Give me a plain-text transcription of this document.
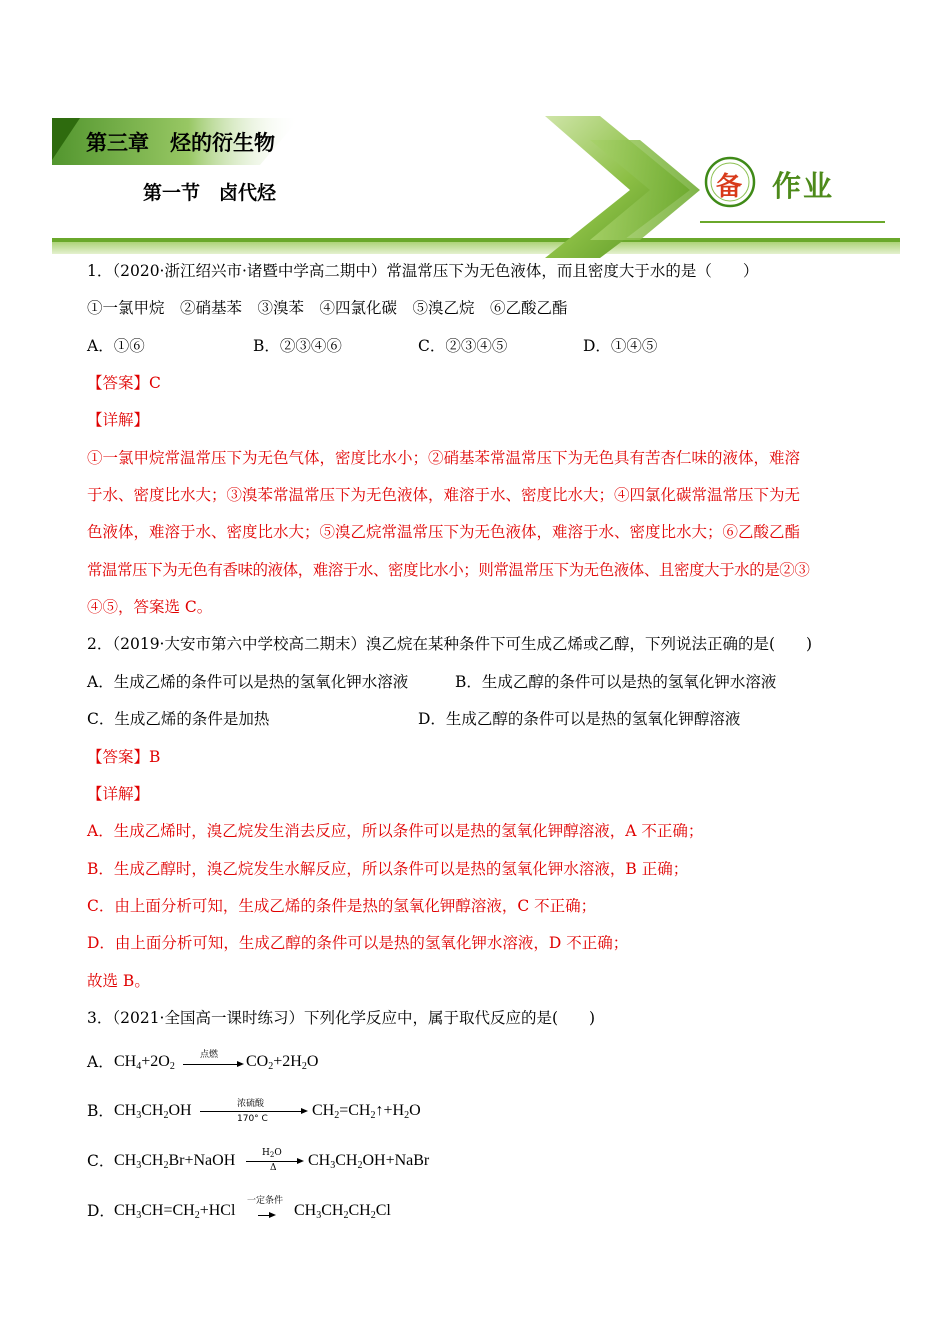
第三章　烃的衍生物
第一节　卤代烃	备 作业
1．（2020·浙江绍兴市·诸暨中学高二期中）常温常压下为无色液体，而且密度大于水的是（　　）
①一氯甲烷　②硝基苯　③溴苯　④四氯化碳　⑤溴乙烷　⑥乙酸乙酯
A．①⑥	B．②③④⑥	C．②③④⑤	D．①④⑤
【答案】C
【详解】
①一氯甲烷常温常压下为无色气体，密度比水小；②硝基苯常温常压下为无色具有苦杏仁味的液体，难溶
于水、密度比水大；③溴苯常温常压下为无色液体，难溶于水、密度比水大；④四氯化碳常温常压下为无
色液体，难溶于水、密度比水大；⑤溴乙烷常温常压下为无色液体，难溶于水、密度比水大；⑥乙酸乙酯
常温常压下为无色有香味的液体，难溶于水、密度比水小；则常温常压下为无色液体、且密度大于水的是②③
④⑤，答案选 C。
2．（2019·大安市第六中学校高二期末）溴乙烷在某种条件下可生成乙烯或乙醇，下列说法正确的是(　　)
A．生成乙烯的条件可以是热的氢氧化钾水溶液	B．生成乙醇的条件可以是热的氢氧化钾水溶液
C．生成乙烯的条件是加热	D．生成乙醇的条件可以是热的氢氧化钾醇溶液
【答案】B
【详解】
A．生成乙烯时，溴乙烷发生消去反应，所以条件可以是热的氢氧化钾醇溶液，A 不正确；
B．生成乙醇时，溴乙烷发生水解反应，所以条件可以是热的氢氧化钾水溶液，B 正确；
C．由上面分析可知，生成乙烯的条件是热的氢氧化钾醇溶液，C 不正确；
D．由上面分析可知，生成乙醇的条件可以是热的氢氧化钾水溶液，D 不正确；
故选 B。
3．（2021·全国高一课时练习）下列化学反应中，属于取代反应的是(　　)
A． $CH_4+2O_2$
点燃 $CO_2+2H_2O$
B． $CH_3CH_2OH$	浓硫酸
170° C	$CH_2=CH_2↑+H_2O$
C． $CH_3CH_2Br+NaOH$	$H_2O$
Δ $CH_3CH_2OH+NaBr$
D． $CH_3CH=CH_2+HCl$
一定条件
$CH_3CH_2CH_2Cl$
